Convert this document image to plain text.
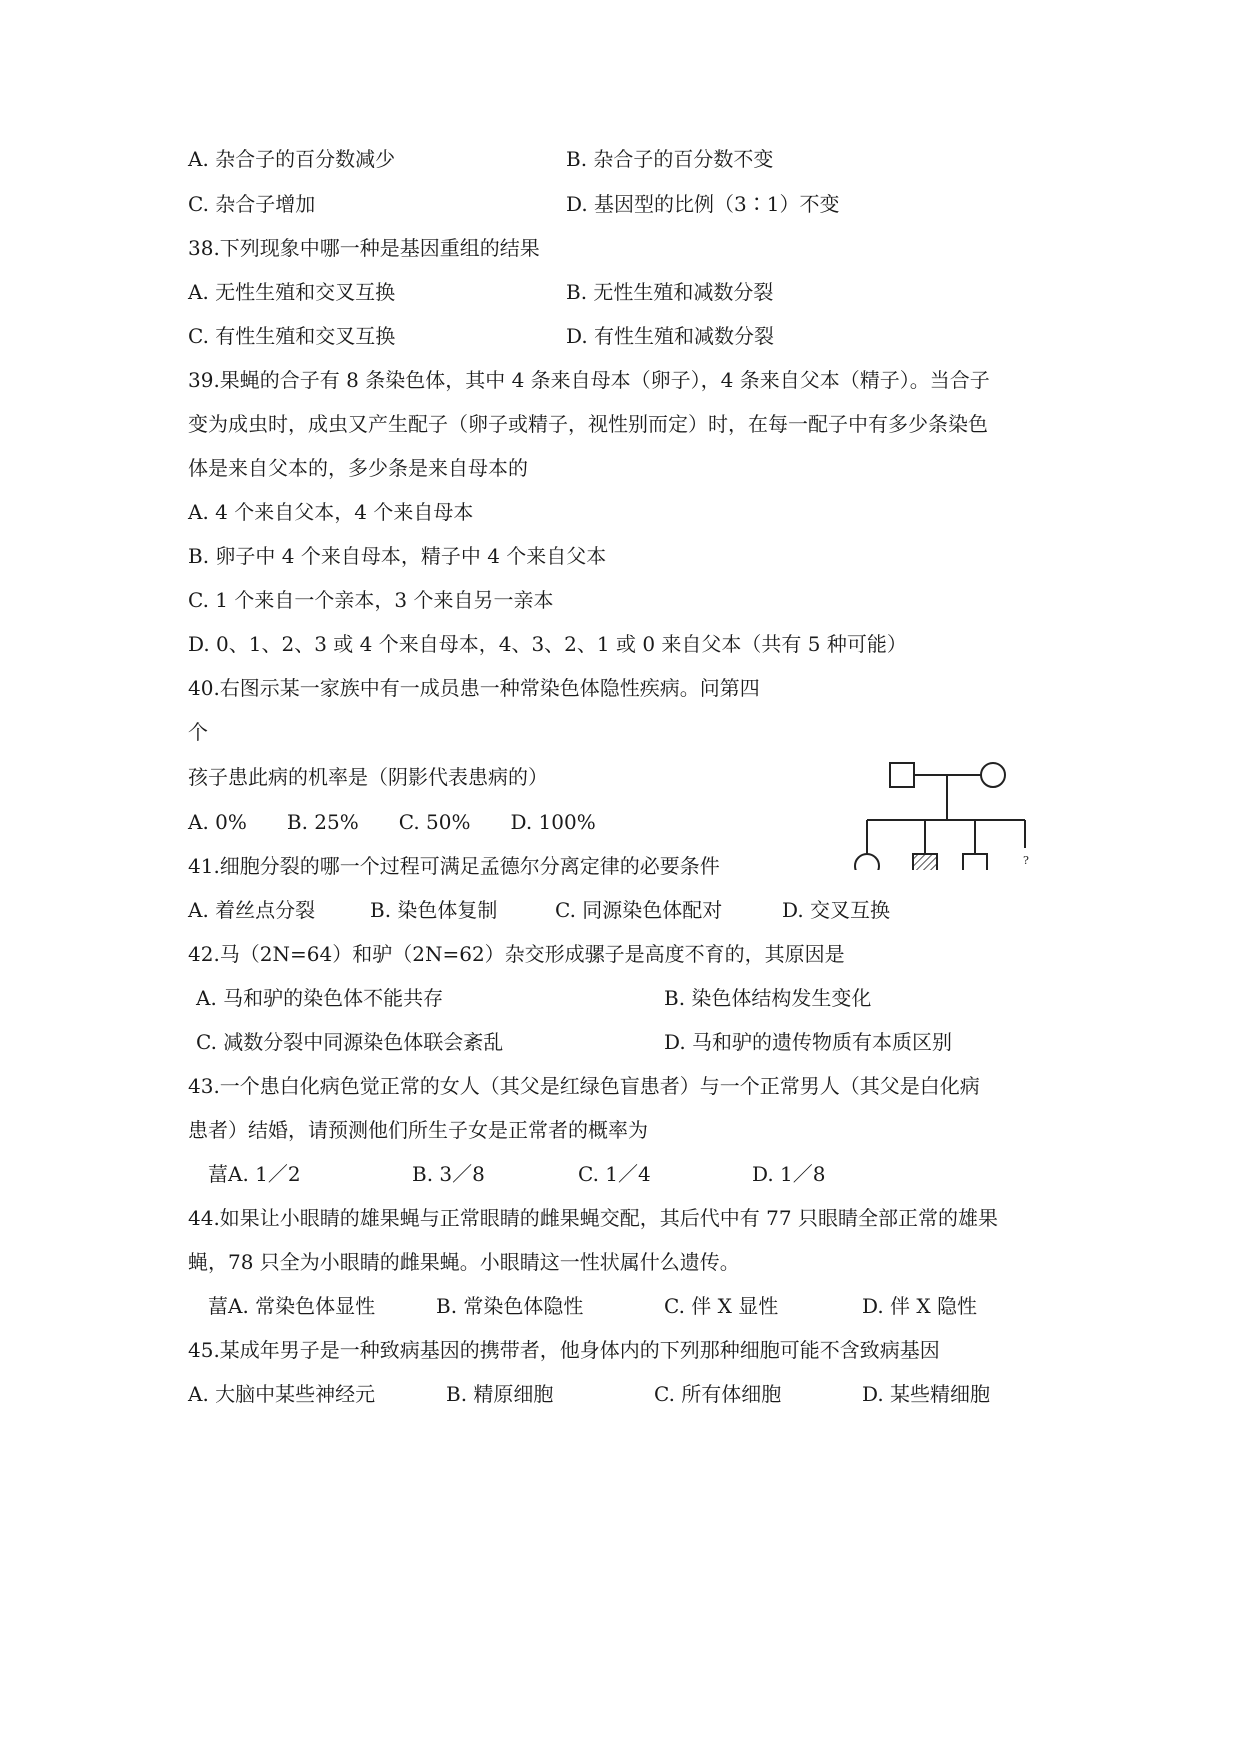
A. 杂合子的百分数减少	B. 杂合子的百分数不变
C. 杂合子增加	D. 基因型的比例（3∶1）不变
38.下列现象中哪一种是基因重组的结果
A. 无性生殖和交叉互换	B. 无性生殖和减数分裂
C. 有性生殖和交叉互换	D. 有性生殖和减数分裂
39.果蝇的合子有 8 条染色体，其中 4 条来自母本（卵子），4 条来自父本（精子）。当合子
变为成虫时，成虫又产生配子（卵子或精子，视性别而定）时，在每一配子中有多少条染色
体是来自父本的，多少条是来自母本的
A. 4 个来自父本，4 个来自母本
B. 卵子中 4 个来自母本，精子中 4 个来自父本
C. 1 个来自一个亲本，3 个来自另一亲本
D. 0、1、2、3 或 4 个来自母本，4、3、2、1 或 0 来自父本（共有 5 种可能）
40.右图示某一家族中有一成员患一种常染色体隐性疾病。问第四
个
孩子患此病的机率是（阴影代表患病的）
A. 0%　　B. 25%　　C. 50%　　D. 100%
?
41.细胞分裂的哪一个过程可满足孟德尔分离定律的必要条件
A. 着丝点分裂	B. 染色体复制	C. 同源染色体配对	D. 交叉互换
42.马（2N=64）和驴（2N=62）杂交形成骡子是高度不育的，其原因是
A. 马和驴的染色体不能共存	B. 染色体结构发生变化
C. 减数分裂中同源染色体联会紊乱	D. 马和驴的遗传物质有本质区别
43.一个患白化病色觉正常的女人（其父是红绿色盲患者）与一个正常男人（其父是白化病
患者）结婚，请预测他们所生子女是正常者的概率为
葍A. 1／2	B. 3／8	C. 1／4	D. 1／8
44.如果让小眼睛的雄果蝇与正常眼睛的雌果蝇交配，其后代中有 77 只眼睛全部正常的雄果
蝇，78 只全为小眼睛的雌果蝇。小眼睛这一性状属什么遗传。
葍A. 常染色体显性	B. 常染色体隐性	C. 伴 X 显性	D. 伴 X 隐性
45.某成年男子是一种致病基因的携带者，他身体内的下列那种细胞可能不含致病基因
A. 大脑中某些神经元	B. 精原细胞	C. 所有体细胞	D. 某些精细胞
